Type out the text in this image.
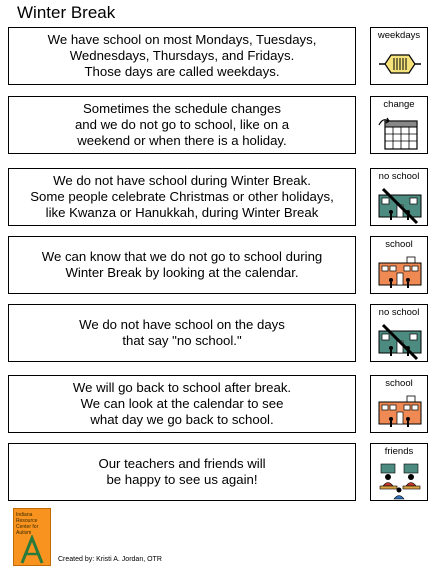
Winter Break
We have school on most Mondays, Tuesdays,
Wednesdays, Thursdays, and Fridays.
Those days are called weekdays.
weekdays
Sometimes the schedule changes
and we do not go to school, like on a
weekend or when there is a holiday.
change
We do not have school during Winter Break.
Some people celebrate Christmas or other holidays,
like Kwanza or Hanukkah, during Winter Break
no school
We can know that we do not go to school during
Winter Break by looking at the calendar.
school
We do not have school on the days
that say "no school."
no school
We will go back to school after break.
We can look at the calendar to see
what day we go back to school.
school
Our teachers and friends will
be happy to see us again!
friends
Indiana Resource Center for Autism
Created by: Kristi A. Jordan, OTR
